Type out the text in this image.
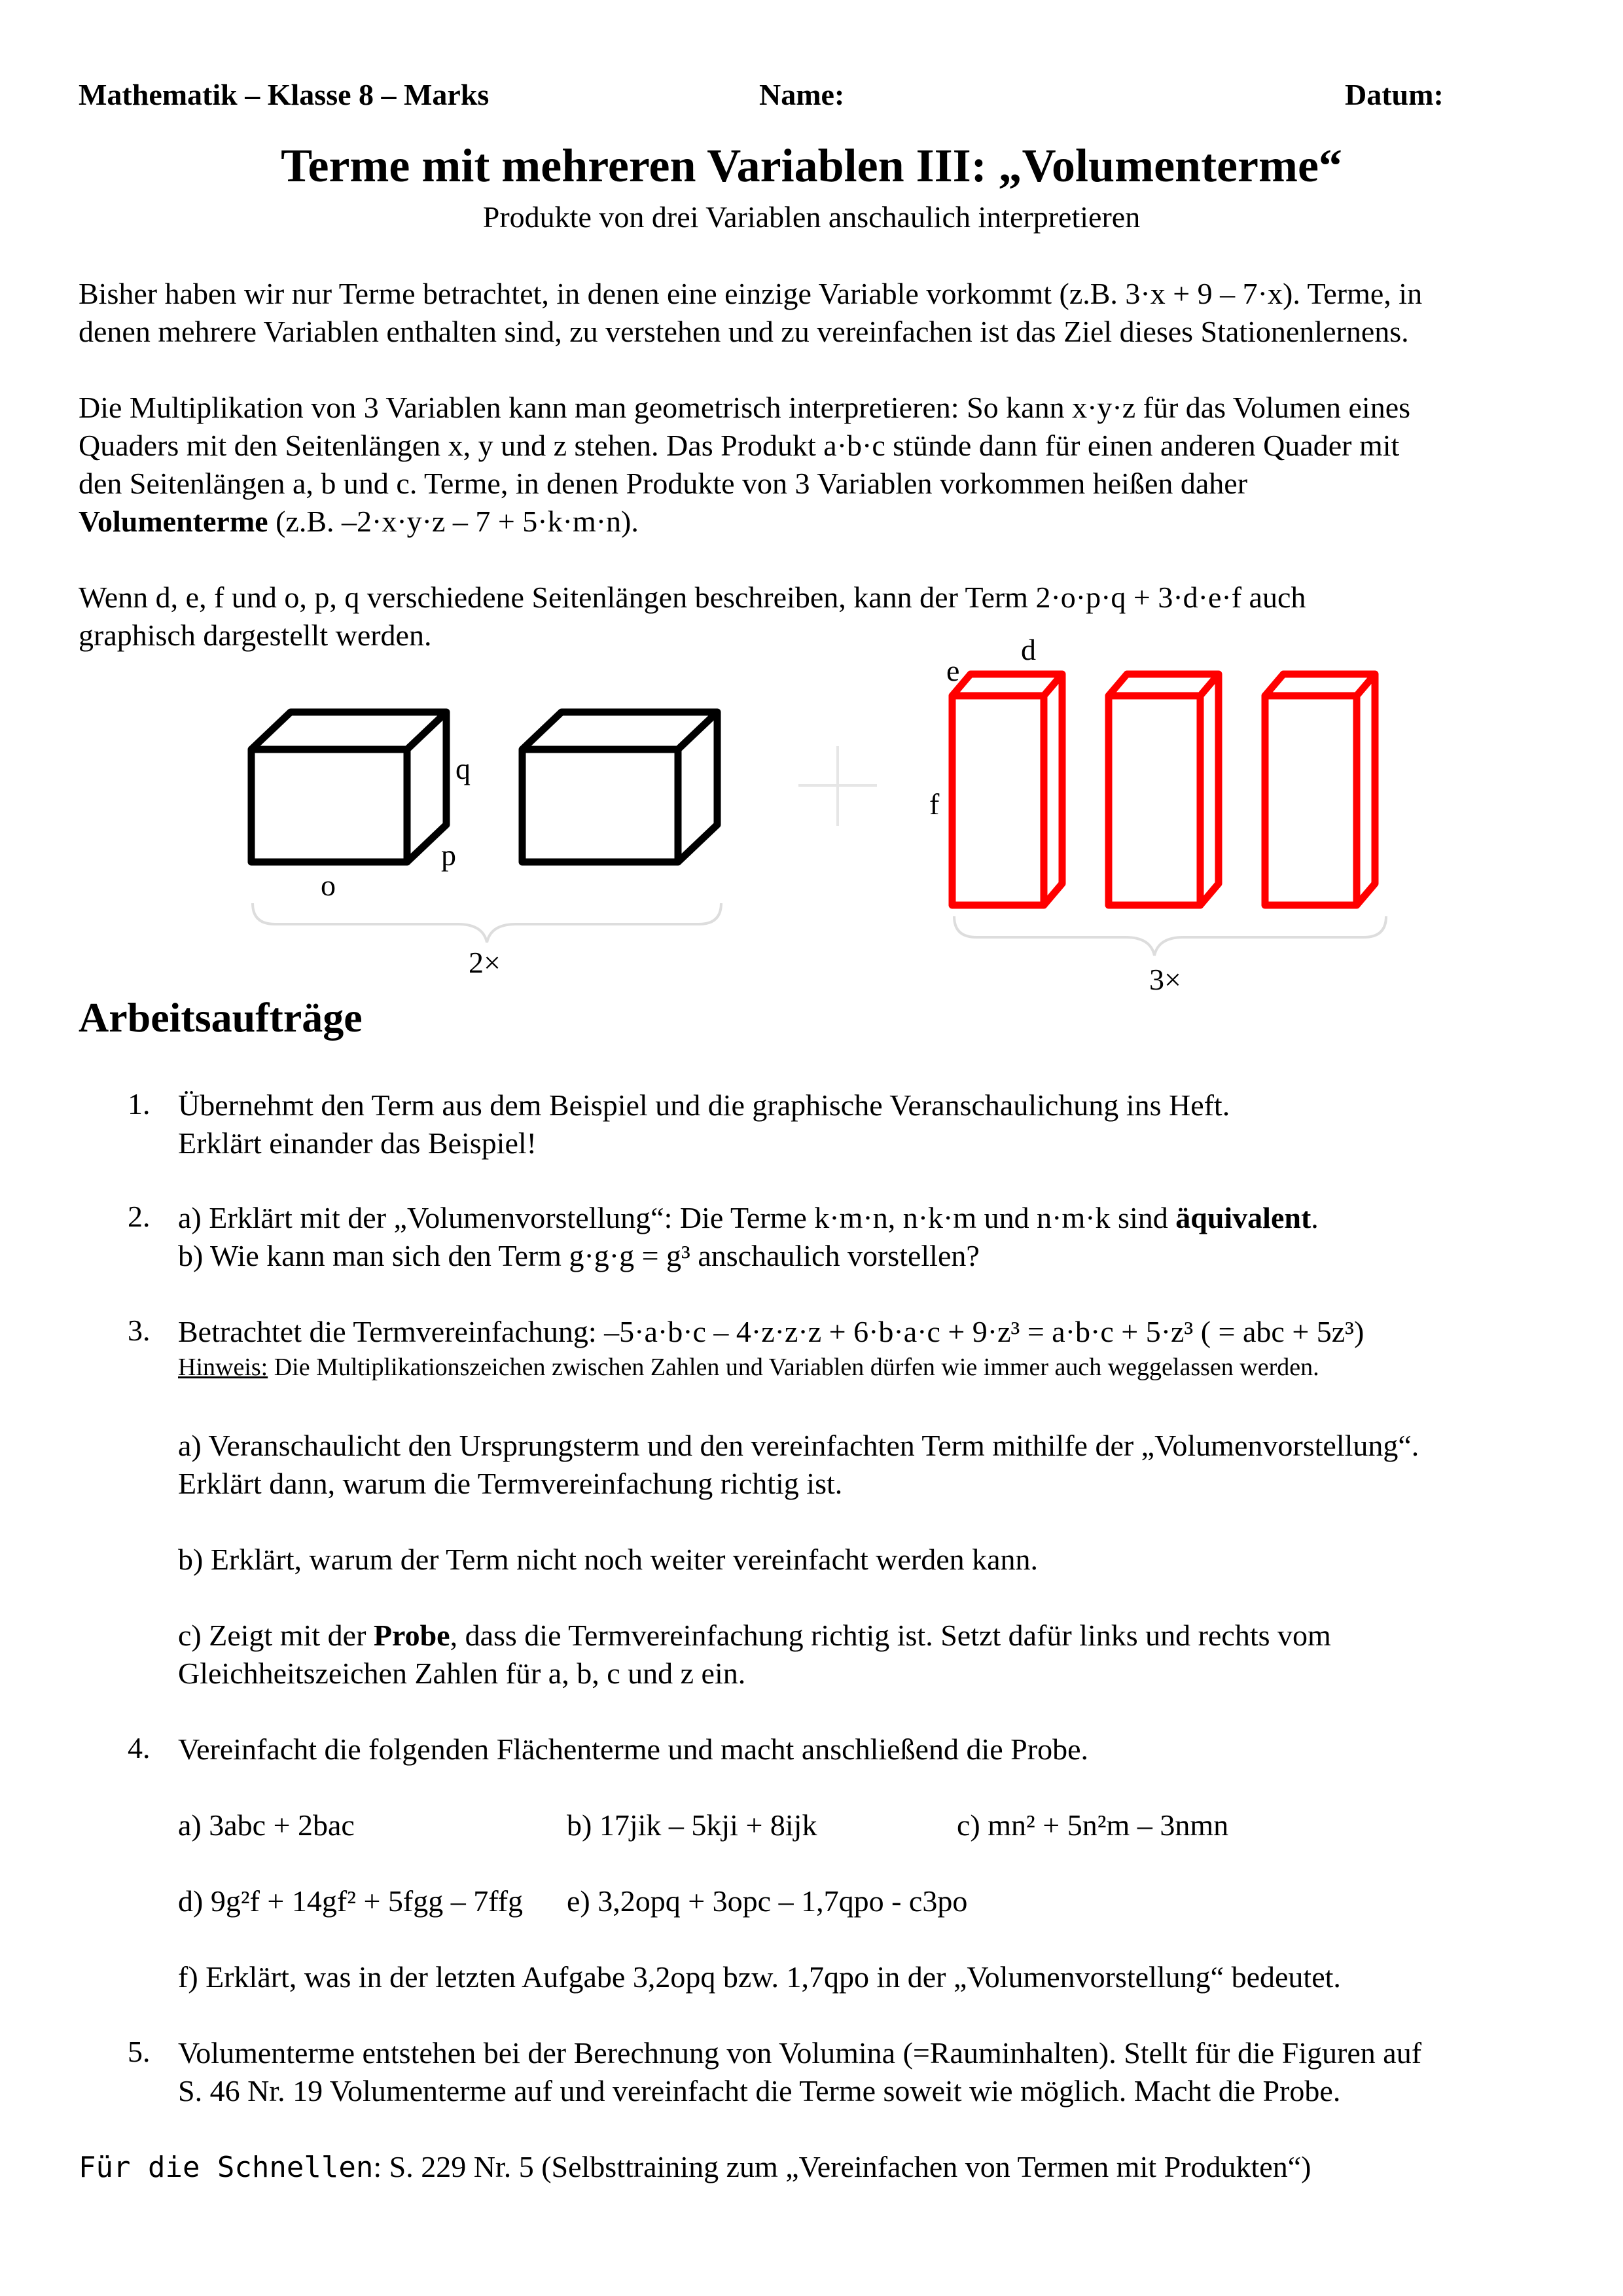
Mathematik – Klasse 8 – Marks	Name:	Datum:
Terme mit mehreren Variablen III: „Volumenterme“
Produkte von drei Variablen anschaulich interpretieren
Bisher haben wir nur Terme betrachtet, in denen eine einzige Variable vorkommt (z.B. 3·x + 9 – 7·x). Terme, in
denen mehrere Variablen enthalten sind, zu verstehen und zu vereinfachen ist das Ziel dieses Stationenlernens.
Die Multiplikation von 3 Variablen kann man geometrisch interpretieren: So kann x·y·z für das Volumen eines
Quaders mit den Seitenlängen x, y und z stehen. Das Produkt a·b·c stünde dann für einen anderen Quader mit
den Seitenlängen a, b und c. Terme, in denen Produkte von 3 Variablen vorkommen heißen daher
Volumenterme (z.B. –2·x·y·z – 7 + 5·k·m·n).
Wenn d, e, f und o, p, q verschiedene Seitenlängen beschreiben, kann der Term 2·o·p·q + 3·d·e·f auch
graphisch dargestellt werden.
q
p
o
2×
d
e
f
3×
Arbeitsaufträge
1. Übernehmt den Term aus dem Beispiel und die graphische Veranschaulichung ins Heft.
Erklärt einander das Beispiel!
2. a) Erklärt mit der „Volumenvorstellung“: Die Terme k·m·n, n·k·m und n·m·k sind äquivalent.
b) Wie kann man sich den Term g·g·g = g³ anschaulich vorstellen?
3. Betrachtet die Termvereinfachung: –5·a·b·c – 4·z·z·z + 6·b·a·c + 9·z³ = a·b·c + 5·z³ ( = abc + 5z³)
Hinweis: Die Multiplikationszeichen zwischen Zahlen und Variablen dürfen wie immer auch weggelassen werden.
a) Veranschaulicht den Ursprungsterm und den vereinfachten Term mithilfe der „Volumenvorstellung“.
Erklärt dann, warum die Termvereinfachung richtig ist.
b) Erklärt, warum der Term nicht noch weiter vereinfacht werden kann.
c) Zeigt mit der Probe, dass die Termvereinfachung richtig ist. Setzt dafür links und rechts vom
Gleichheitszeichen Zahlen für a, b, c und z ein.
4. Vereinfacht die folgenden Flächenterme und macht anschließend die Probe.
a) 3abc + 2bac	b) 17jik – 5kji + 8ijk	c) mn² + 5n²m – 3nmn
d) 9g²f + 14gf² + 5fgg – 7ffg e) 3,2opq + 3opc – 1,7qpo - c3po
f) Erklärt, was in der letzten Aufgabe 3,2opq bzw. 1,7qpo in der „Volumenvorstellung“ bedeutet.
5. Volumenterme entstehen bei der Berechnung von Volumina (=Rauminhalten). Stellt für die Figuren auf
S. 46 Nr. 19 Volumenterme auf und vereinfacht die Terme soweit wie möglich. Macht die Probe.
Für die Schnellen: S. 229 Nr. 5 (Selbsttraining zum „Vereinfachen von Termen mit Produkten“)
